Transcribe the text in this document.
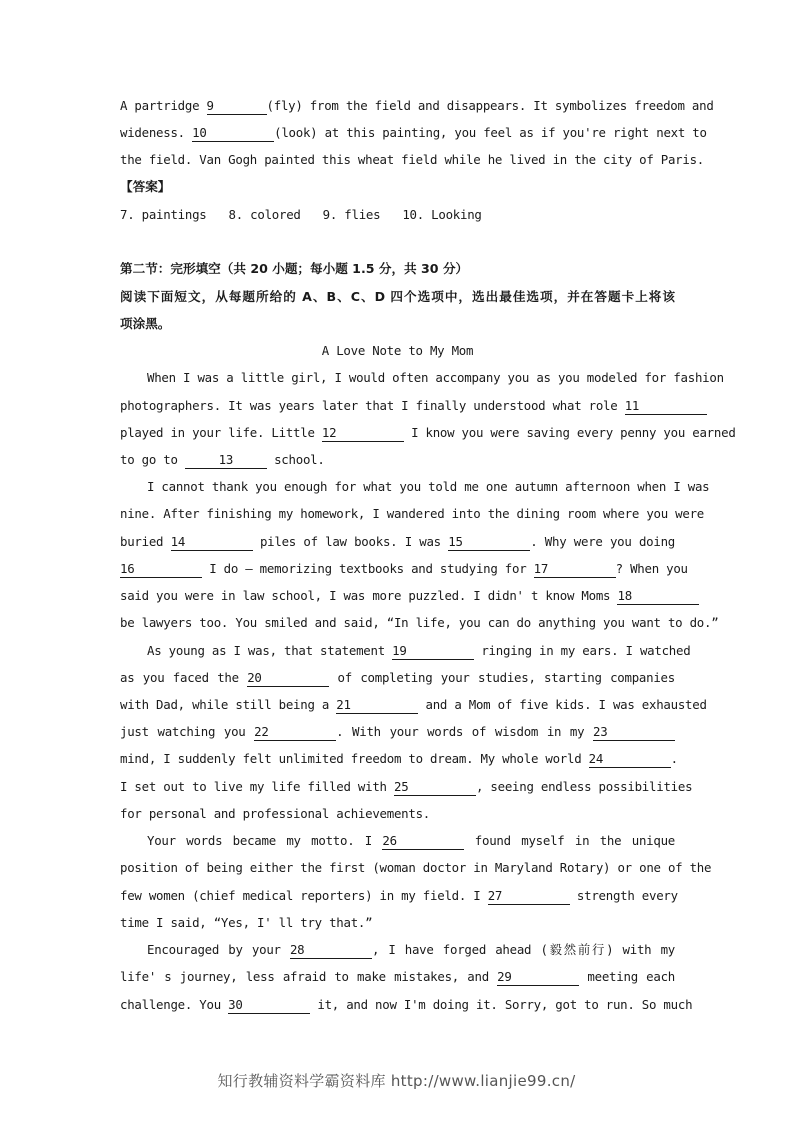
A partridge 9	(fly) from the field and disappears. It symbolizes freedom and
wideness. 10	(look) at this painting, you feel as if you're right next to
the field. Van Gogh painted this wheat field while he lived in the city of Paris.
【答案】
7. paintings 8. colored 9. flies 10. Looking
第二节：完形填空（共 20 小题；每小题 1.5 分，共 30 分）
阅读下面短文，从每题所给的 A、B、C、D 四个选项中，选出最佳选项，并在答题卡上将该
项涂黑。
A Love Note to My Mom
When I was a little girl, I would often accompany you as you modeled for fashion
photographers. It was years later that I finally understood what role 11
played in your life. Little 12	I know you were saving every penny you earned
to go to	13	school.
I cannot thank you enough for what you told me one autumn afternoon when I was
nine. After finishing my homework, I wandered into the dining room where you were
buried 14	piles of law books. I was 15	. Why were you doing
16	I do — memorizing textbooks and studying for 17	? When you
said you were in law school, I was more puzzled. I didn' t know Moms 18
be lawyers too. You smiled and said, “In life, you can do anything you want to do.”
As young as I was, that statement 19	ringing in my ears. I watched
as you faced the 20	of completing your studies, starting companies
with Dad, while still being a 21	and a Mom of five kids. I was exhausted
just watching you 22	. With your words of wisdom in my 23
mind, I suddenly felt unlimited freedom to dream. My whole world 24	.
I set out to live my life filled with 25	, seeing endless possibilities
for personal and professional achievements.
Your words became my motto. I 26	found myself in the unique
position of being either the first (woman doctor in Maryland Rotary) or one of the
few women (chief medical reporters) in my field. I 27	strength every
time I said, “Yes, I' ll try that.”
Encouraged by your 28	, I have forged ahead (毅然前行) with my
life' s journey, less afraid to make mistakes, and 29	meeting each
challenge. You 30	it, and now I'm doing it. Sorry, got to run. So much
知行教辅资料学霸资料库 http://www.lianjie99.cn/
